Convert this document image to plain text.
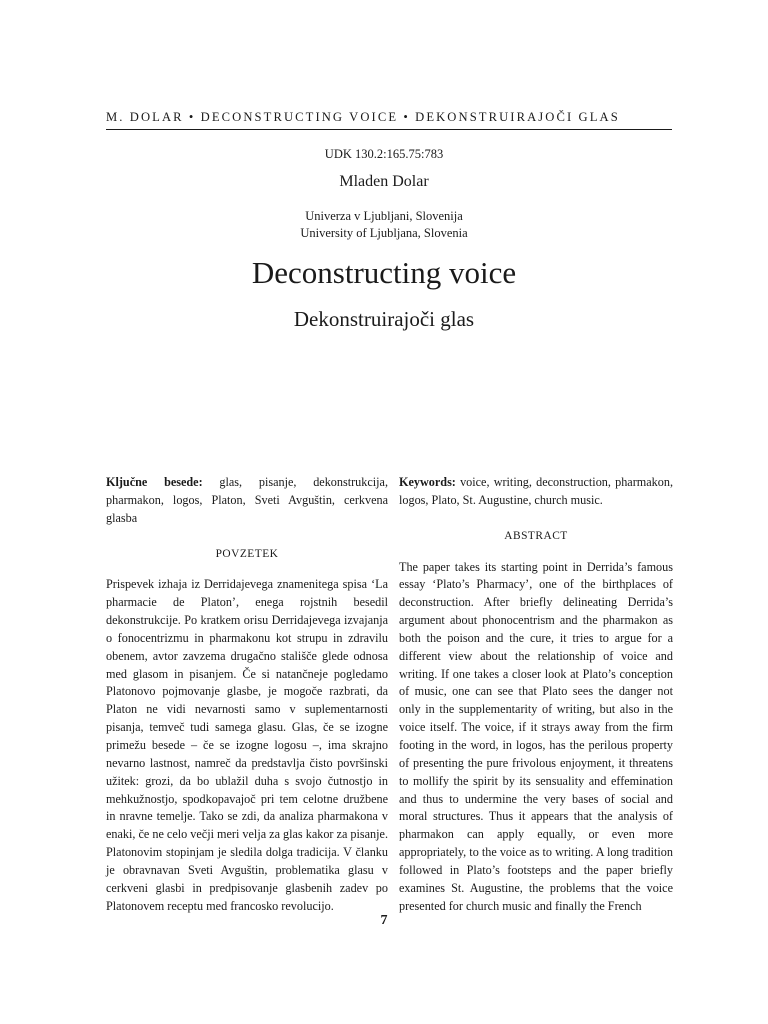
M. DOLAR • DECONSTRUCTING VOICE • DEKONSTRUIRAJOČI GLAS
UDK 130.2:165.75:783
Mladen Dolar
Univerza v Ljubljani, Slovenija
University of Ljubljana, Slovenia
Deconstructing voice
Dekonstruirajoči glas

Ključne besede: glas, pisanje, dekonstrukcija, pharmakon, logos, Platon, Sveti Avguštin, cerkvena glasba

POVZETEK

Prispevek izhaja iz Derridajevega znamenitega spisa ‘La pharmacie de Platon’, enega rojstnih besedil dekonstrukcije. Po kratkem orisu Derridajevega izvajanja o fonocentrizmu in pharmakonu kot strupu in zdravilu obenem, avtor zavzema drugačno stališče glede odnosa med glasom in pisanjem. Če si natančneje pogledamo Platonovo pojmovanje glasbe, je mogoče razbrati, da Platon ne vidi nevarnosti samo v suplementarnosti pisanja, temveč tudi samega glasu. Glas, če se izogne primežu besede – če se izogne logosu –, ima skrajno nevarno lastnost, namreč da predstavlja čisto površinski užitek: grozi, da bo ublažil duha s svojo čutnostjo in mehkužnostjo, spodkopavajoč pri tem celotne družbene in nravne temelje. Tako se zdi, da analiza pharmakona v enaki, če ne celo večji meri velja za glas kakor za pisanje. Platonovim stopinjam je sledila dolga tradicija. V članku je obravnavan Sveti Avguštin, problematika glasu v cerkveni glasbi in predpisovanje glasbenih zadev po Platonovem receptu med francosko revolucijo.

Keywords: voice, writing, deconstruction, pharmakon, logos, Plato, St. Augustine, church music.

ABSTRACT

The paper takes its starting point in Derrida’s famous essay ‘Plato’s Pharmacy’, one of the birthplaces of deconstruction. After briefly delineating Derrida’s argument about phonocentrism and the pharmakon as both the poison and the cure, it tries to argue for a different view about the relationship of voice and writing. If one takes a closer look at Plato’s conception of music, one can see that Plato sees the danger not only in the supplementarity of writing, but also in the voice itself. The voice, if it strays away from the firm footing in the word, in logos, has the perilous property of presenting the pure frivolous enjoyment, it threatens to mollify the spirit by its sensuality and effemination and thus to undermine the very bases of social and moral structures. Thus it appears that the analysis of pharmakon can apply equally, or even more appropriately, to the voice as to writing. A long tradition followed in Plato’s footsteps and the paper briefly examines St. Augustine, the problems that the voice presented for church music and finally the French

7
